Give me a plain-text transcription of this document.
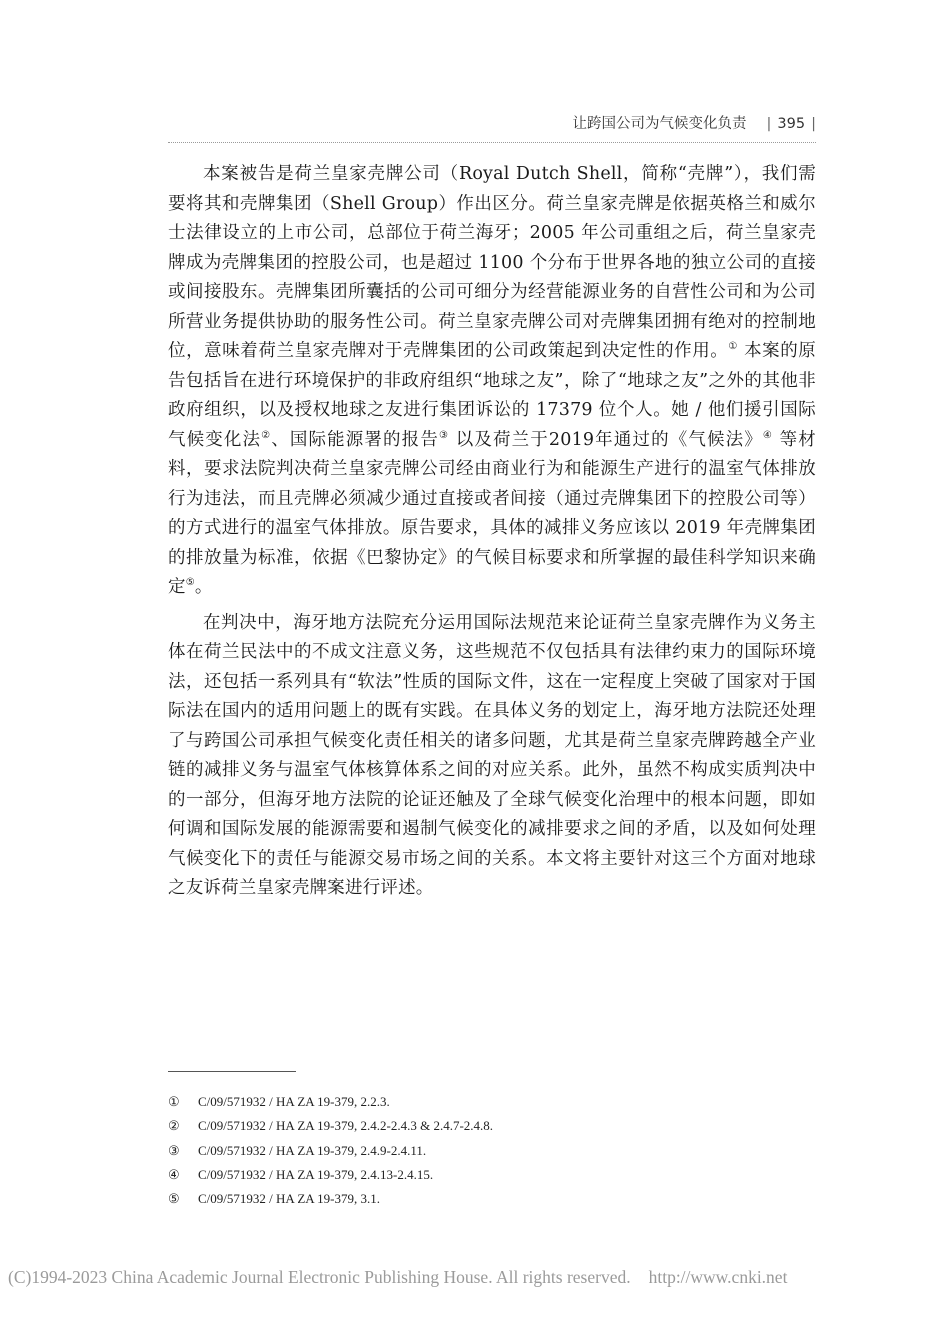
让跨国公司为气候变化负责 | 395 |

本案被告是荷兰皇家壳牌公司（Royal Dutch Shell，简称“壳牌”），我们需要将其和壳牌集团（Shell Group）作出区分。荷兰皇家壳牌是依据英格兰和威尔士法律设立的上市公司，总部位于荷兰海牙；2005 年公司重组之后，荷兰皇家壳牌成为壳牌集团的控股公司，也是超过 1100 个分布于世界各地的独立公司的直接或间接股东。壳牌集团所囊括的公司可细分为经营能源业务的自营性公司和为公司所营业务提供协助的服务性公司。荷兰皇家壳牌公司对壳牌集团拥有绝对的控制地位，意味着荷兰皇家壳牌对于壳牌集团的公司政策起到决定性的作用。① 本案的原告包括旨在进行环境保护的非政府组织“地球之友”，除了“地球之友”之外的其他非政府组织，以及授权地球之友进行集团诉讼的 17379 位个人。她 / 他们援引国际气候变化法②、国际能源署的报告③ 以及荷兰于2019年通过的《气候法》④ 等材料，要求法院判决荷兰皇家壳牌公司经由商业行为和能源生产进行的温室气体排放行为违法，而且壳牌必须减少通过直接或者间接（通过壳牌集团下的控股公司等）的方式进行的温室气体排放。原告要求，具体的减排义务应该以 2019 年壳牌集团的排放量为标准，依据《巴黎协定》的气候目标要求和所掌握的最佳科学知识来确定⑤。

在判决中，海牙地方法院充分运用国际法规范来论证荷兰皇家壳牌作为义务主体在荷兰民法中的不成文注意义务，这些规范不仅包括具有法律约束力的国际环境法，还包括一系列具有“软法”性质的国际文件，这在一定程度上突破了国家对于国际法在国内的适用问题上的既有实践。在具体义务的划定上，海牙地方法院还处理了与跨国公司承担气候变化责任相关的诸多问题，尤其是荷兰皇家壳牌跨越全产业链的减排义务与温室气体核算体系之间的对应关系。此外，虽然不构成实质判决中的一部分，但海牙地方法院的论证还触及了全球气候变化治理中的根本问题，即如何调和国际发展的能源需要和遏制气候变化的减排要求之间的矛盾，以及如何处理气候变化下的责任与能源交易市场之间的关系。本文将主要针对这三个方面对地球之友诉荷兰皇家壳牌案进行评述。

① C/09/571932 / HA ZA 19-379, 2.2.3.
② C/09/571932 / HA ZA 19-379, 2.4.2-2.4.3 & 2.4.7-2.4.8.
③ C/09/571932 / HA ZA 19-379, 2.4.9-2.4.11.
④ C/09/571932 / HA ZA 19-379, 2.4.13-2.4.15.
⑤ C/09/571932 / HA ZA 19-379, 3.1.
(C)1994-2023 China Academic Journal Electronic Publishing House. All rights reserved. http://www.cnki.net
